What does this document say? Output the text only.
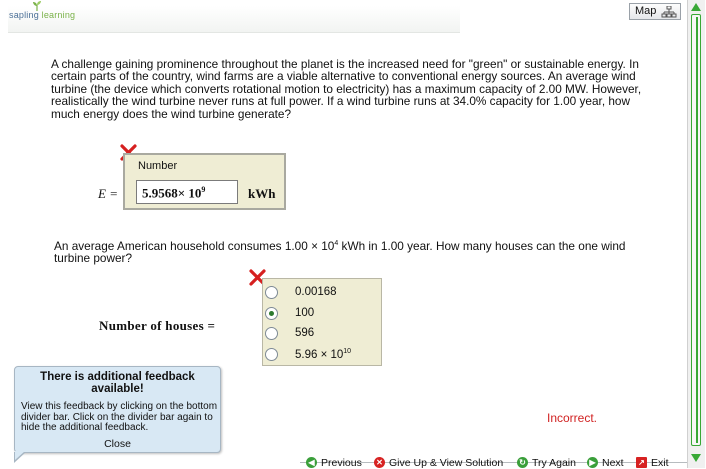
sapling learning	Map
A challenge gaining prominence throughout the planet is the increased need for "green" or sustainable energy. In certain parts of the country, wind farms are a viable alternative to conventional energy sources. An average wind turbine (the device which converts rotational motion to electricity) has a maximum capacity of 2.00 MW. However, realistically the wind turbine never runs at full power. If a wind turbine runs at 34.0% capacity for 1.00 year, how much energy does the wind turbine generate?
E =
Number
$5.9568\times 10^9$	kWh
An average American household consumes $1.00 \times 10^4$ kWh in 1.00 year. How many houses can the one wind turbine power?
Number of houses =
0.00168
100
596
$5.96 \times 10^{10}$
There is additional feedback available!
View this feedback by clicking on the bottom divider bar. Click on the divider bar again to hide the additional feedback.
Close
Incorrect.
◀ Previous ✕ Give Up & View Solution ↻ Try Again	▶ Next ↗ Exit
